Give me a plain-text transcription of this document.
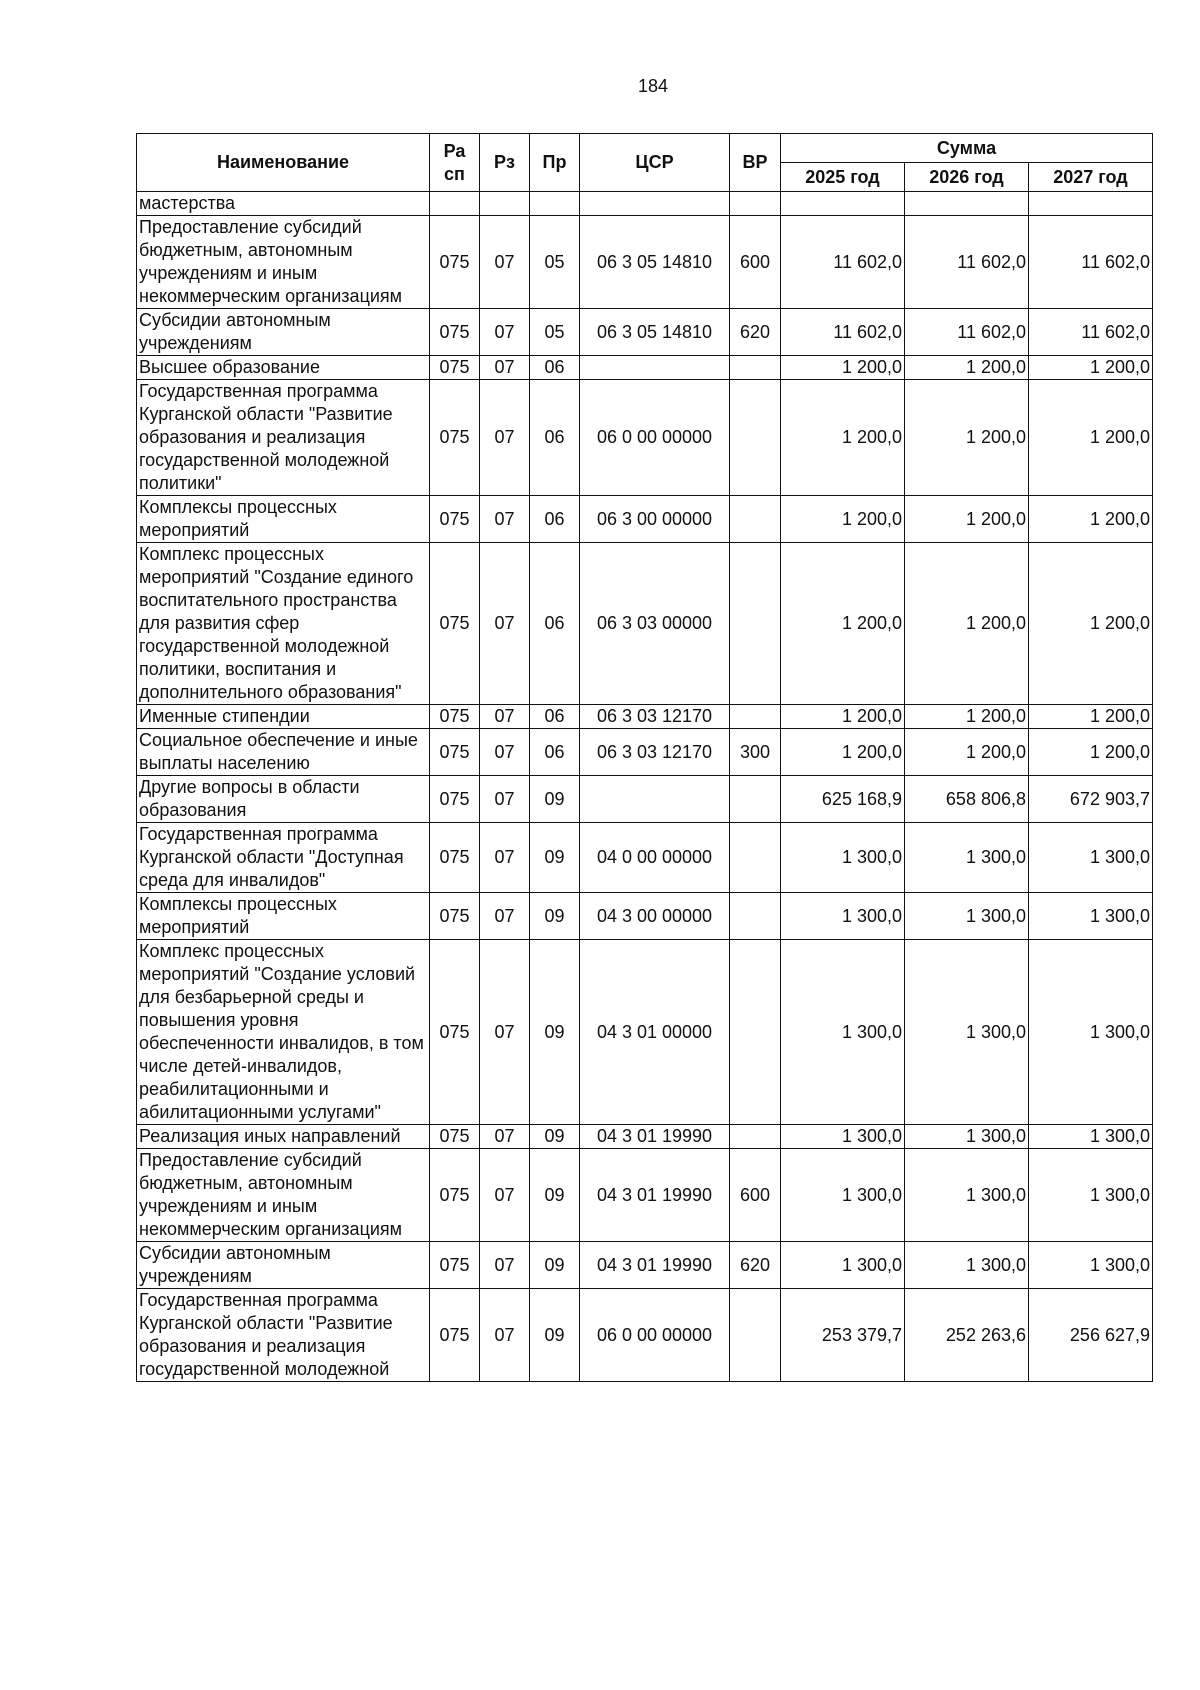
184
Наименование	Ра сп	Рз	Пр	ЦСР	ВР	Сумма		
						2025 год	2026 год	2027 год
мастерства								
Предоставление субсидий бюджетным, автономным учреждениям и иным некоммерческим организациям	075	07	05	06 3 05 14810	600	11 602,0	11 602,0	11 602,0
Субсидии автономным учреждениям	075	07	05	06 3 05 14810	620	11 602,0	11 602,0	11 602,0
Высшее образование	075	07	06			1 200,0	1 200,0	1 200,0
Государственная программа Курганской области "Развитие образования и реализация государственной молодежной политики"	075	07	06	06 0 00 00000		1 200,0	1 200,0	1 200,0
Комплексы процессных мероприятий	075	07	06	06 3 00 00000		1 200,0	1 200,0	1 200,0
Комплекс процессных мероприятий "Создание единого воспитательного пространства для развития сфер государственной молодежной политики, воспитания и дополнительного образования"	075	07	06	06 3 03 00000		1 200,0	1 200,0	1 200,0
Именные стипендии	075	07	06	06 3 03 12170		1 200,0	1 200,0	1 200,0
Социальное обеспечение и иные выплаты населению	075	07	06	06 3 03 12170	300	1 200,0	1 200,0	1 200,0
Другие вопросы в области образования	075	07	09			625 168,9	658 806,8	672 903,7
Государственная программа Курганской области "Доступная среда для инвалидов"	075	07	09	04 0 00 00000		1 300,0	1 300,0	1 300,0
Комплексы процессных мероприятий	075	07	09	04 3 00 00000		1 300,0	1 300,0	1 300,0
Комплекс процессных мероприятий "Создание условий для безбарьерной среды и повышения уровня обеспеченности инвалидов, в том числе детей-инвалидов, реабилитационными и абилитационными услугами"	075	07	09	04 3 01 00000		1 300,0	1 300,0	1 300,0
Реализация иных направлений	075	07	09	04 3 01 19990		1 300,0	1 300,0	1 300,0
Предоставление субсидий бюджетным, автономным учреждениям и иным некоммерческим организациям	075	07	09	04 3 01 19990	600	1 300,0	1 300,0	1 300,0
Субсидии автономным учреждениям	075	07	09	04 3 01 19990	620	1 300,0	1 300,0	1 300,0
Государственная программа Курганской области "Развитие образования и реализация государственной молодежной	075	07	09	06 0 00 00000		253 379,7	252 263,6	256 627,9
